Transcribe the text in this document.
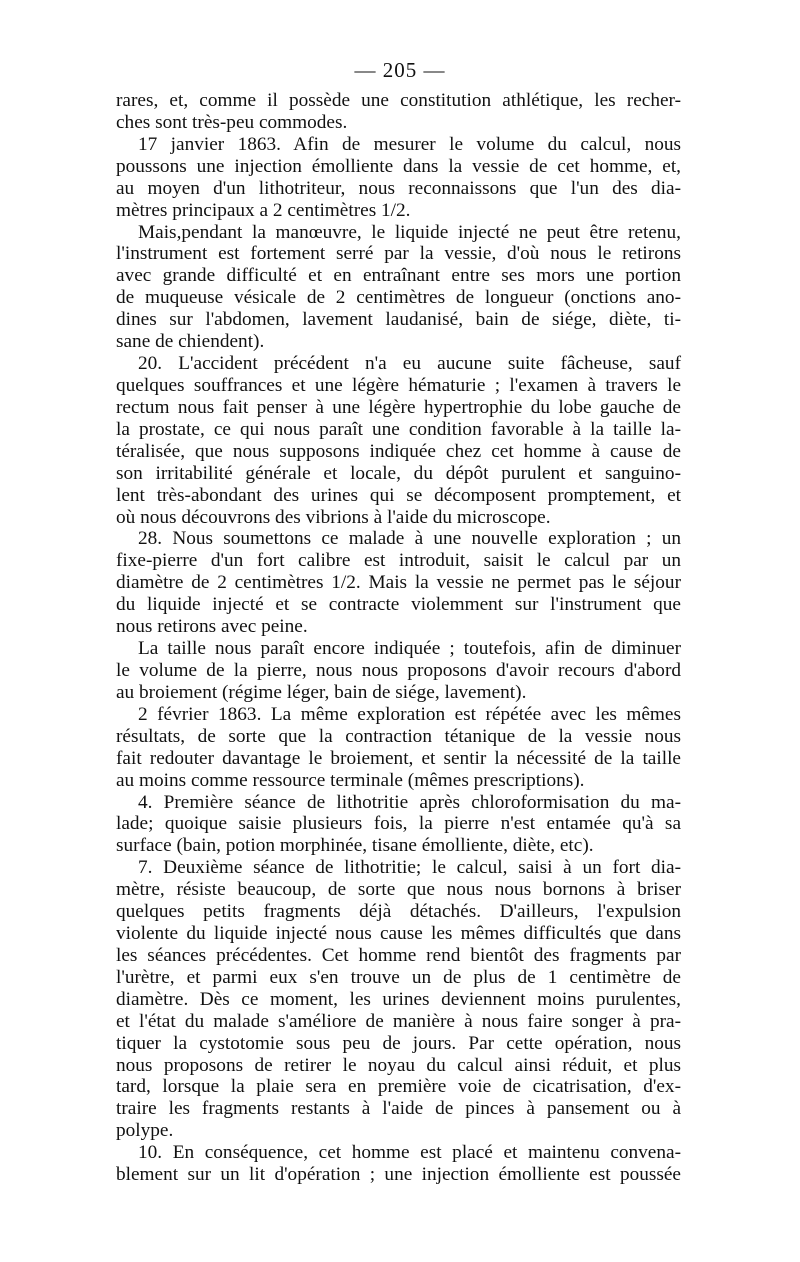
— 205 —
rares, et, comme il possède une constitution athlétique, les recher-
ches sont très-peu commodes.
17 janvier 1863. Afin de mesurer le volume du calcul, nous
poussons une injection émolliente dans la vessie de cet homme, et,
au moyen d'un lithotriteur, nous reconnaissons que l'un des dia-
mètres principaux a 2 centimètres 1/2.
Mais,pendant la manœuvre, le liquide injecté ne peut être retenu,
l'instrument est fortement serré par la vessie, d'où nous le retirons
avec grande difficulté et en entraînant entre ses mors une portion
de muqueuse vésicale de 2 centimètres de longueur (onctions ano-
dines sur l'abdomen, lavement laudanisé, bain de siége, diète, ti-
sane de chiendent).
20. L'accident précédent n'a eu aucune suite fâcheuse, sauf
quelques souffrances et une légère hématurie ; l'examen à travers le
rectum nous fait penser à une légère hypertrophie du lobe gauche de
la prostate, ce qui nous paraît une condition favorable à la taille la-
téralisée, que nous supposons indiquée chez cet homme à cause de
son irritabilité générale et locale, du dépôt purulent et sanguino-
lent très-abondant des urines qui se décomposent promptement, et
où nous découvrons des vibrions à l'aide du microscope.
28. Nous soumettons ce malade à une nouvelle exploration ; un
fixe-pierre d'un fort calibre est introduit, saisit le calcul par un
diamètre de 2 centimètres 1/2. Mais la vessie ne permet pas le séjour
du liquide injecté et se contracte violemment sur l'instrument que
nous retirons avec peine.
La taille nous paraît encore indiquée ; toutefois, afin de diminuer
le volume de la pierre, nous nous proposons d'avoir recours d'abord
au broiement (régime léger, bain de siége, lavement).
2 février 1863. La même exploration est répétée avec les mêmes
résultats, de sorte que la contraction tétanique de la vessie nous
fait redouter davantage le broiement, et sentir la nécessité de la taille
au moins comme ressource terminale (mêmes prescriptions).
4. Première séance de lithotritie après chloroformisation du ma-
lade; quoique saisie plusieurs fois, la pierre n'est entamée qu'à sa
surface (bain, potion morphinée, tisane émolliente, diète, etc).
7. Deuxième séance de lithotritie; le calcul, saisi à un fort dia-
mètre, résiste beaucoup, de sorte que nous nous bornons à briser
quelques petits fragments déjà détachés. D'ailleurs, l'expulsion
violente du liquide injecté nous cause les mêmes difficultés que dans
les séances précédentes. Cet homme rend bientôt des fragments par
l'urètre, et parmi eux s'en trouve un de plus de 1 centimètre de
diamètre. Dès ce moment, les urines deviennent moins purulentes,
et l'état du malade s'améliore de manière à nous faire songer à pra-
tiquer la cystotomie sous peu de jours. Par cette opération, nous
nous proposons de retirer le noyau du calcul ainsi réduit, et plus
tard, lorsque la plaie sera en première voie de cicatrisation, d'ex-
traire les fragments restants à l'aide de pinces à pansement ou à
polype.
10. En conséquence, cet homme est placé et maintenu convena-
blement sur un lit d'opération ; une injection émolliente est poussée
